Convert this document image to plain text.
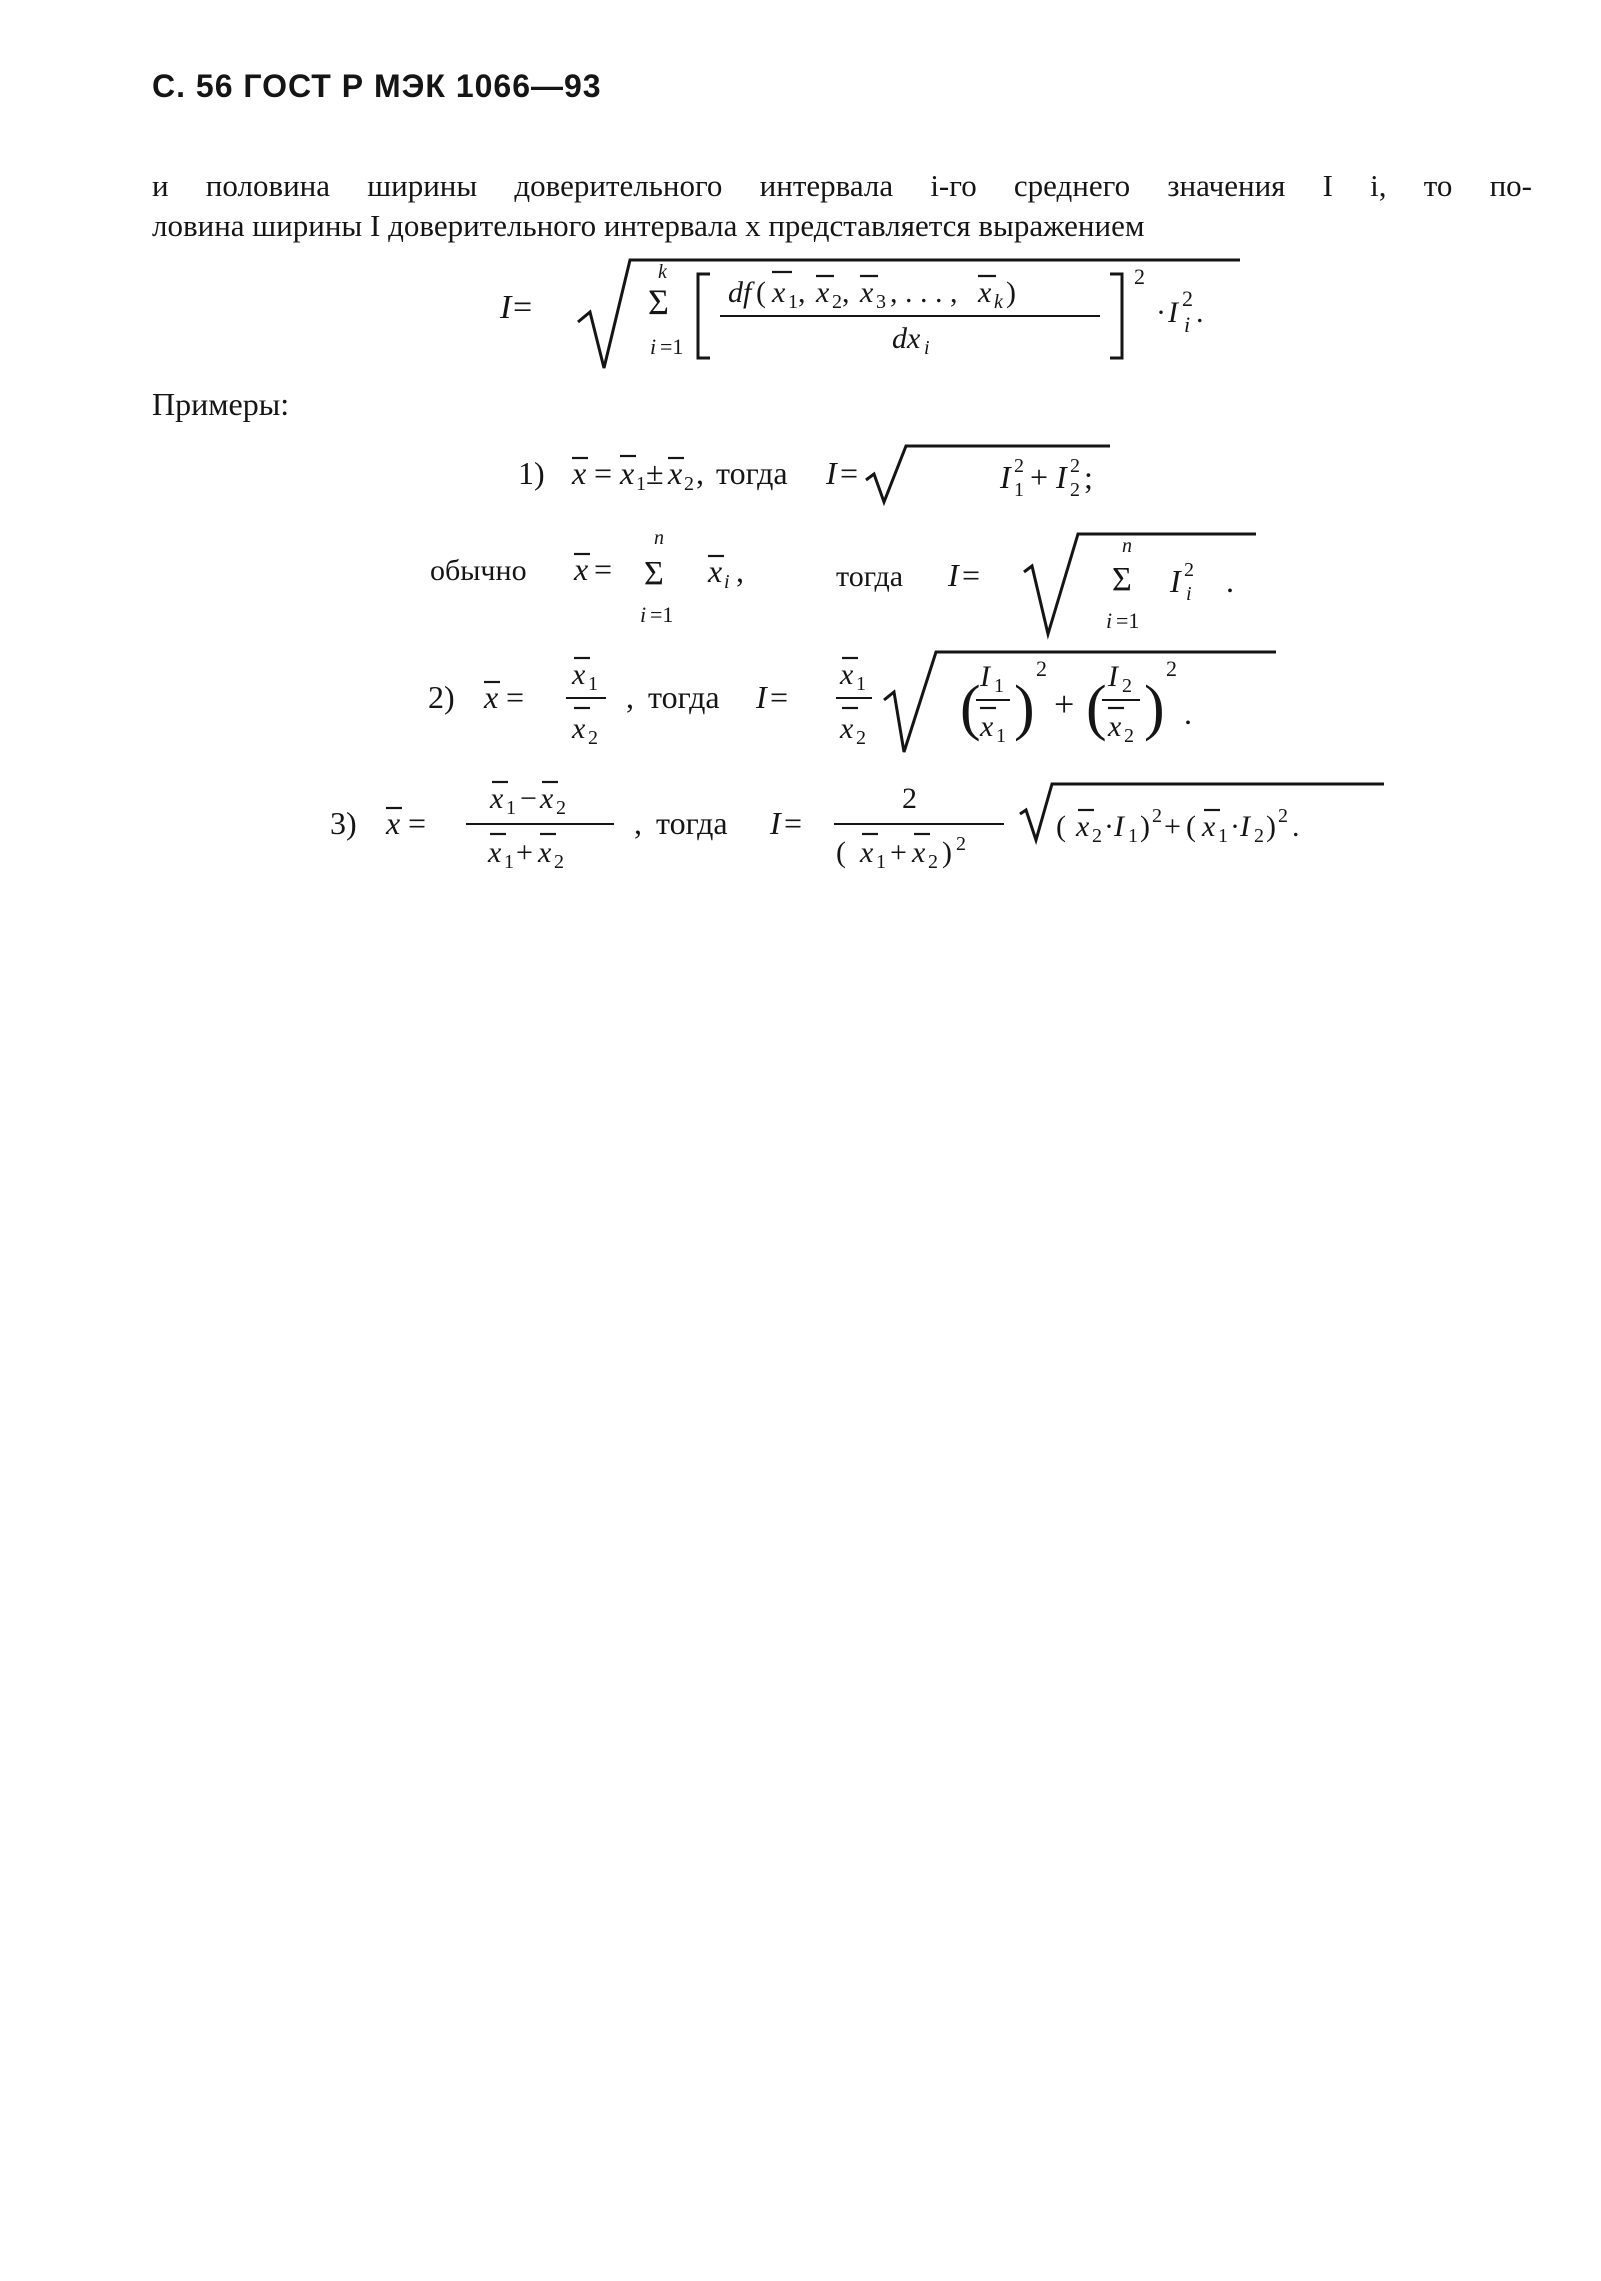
С. 56 ГОСТ Р МЭК 1066—93
и половина ширины доверительного интервала i-го среднего значения I i, то по-
ловина ширины I доверительного интервала x представляется выражением
I =
k
Σ
i =1
df ( x 1 , x 2 , x 3 , . . . , x k )
dx i
2
· I 2
i .
Примеры:
1) x = x 1 ± x 2 , тогда I =	I 2
1 + I 2
2 ;
обычно x =
n
Σ
i =1
x i ,	тогда I =
n
Σ
i =1
I 2
i .
2) x =
x 1
x 2
, тогда I =
x 1
x 2 ( I 1
x 1 )
2
+ ( I 2
x 2 )
2
.
3) x =
x 1 − x 2
x 1 + x 2
, тогда I =
2
( x 1 + x 2 ) 2
( x 2 · I 1 ) 2 + ( x 1 · I 2 ) 2 .
